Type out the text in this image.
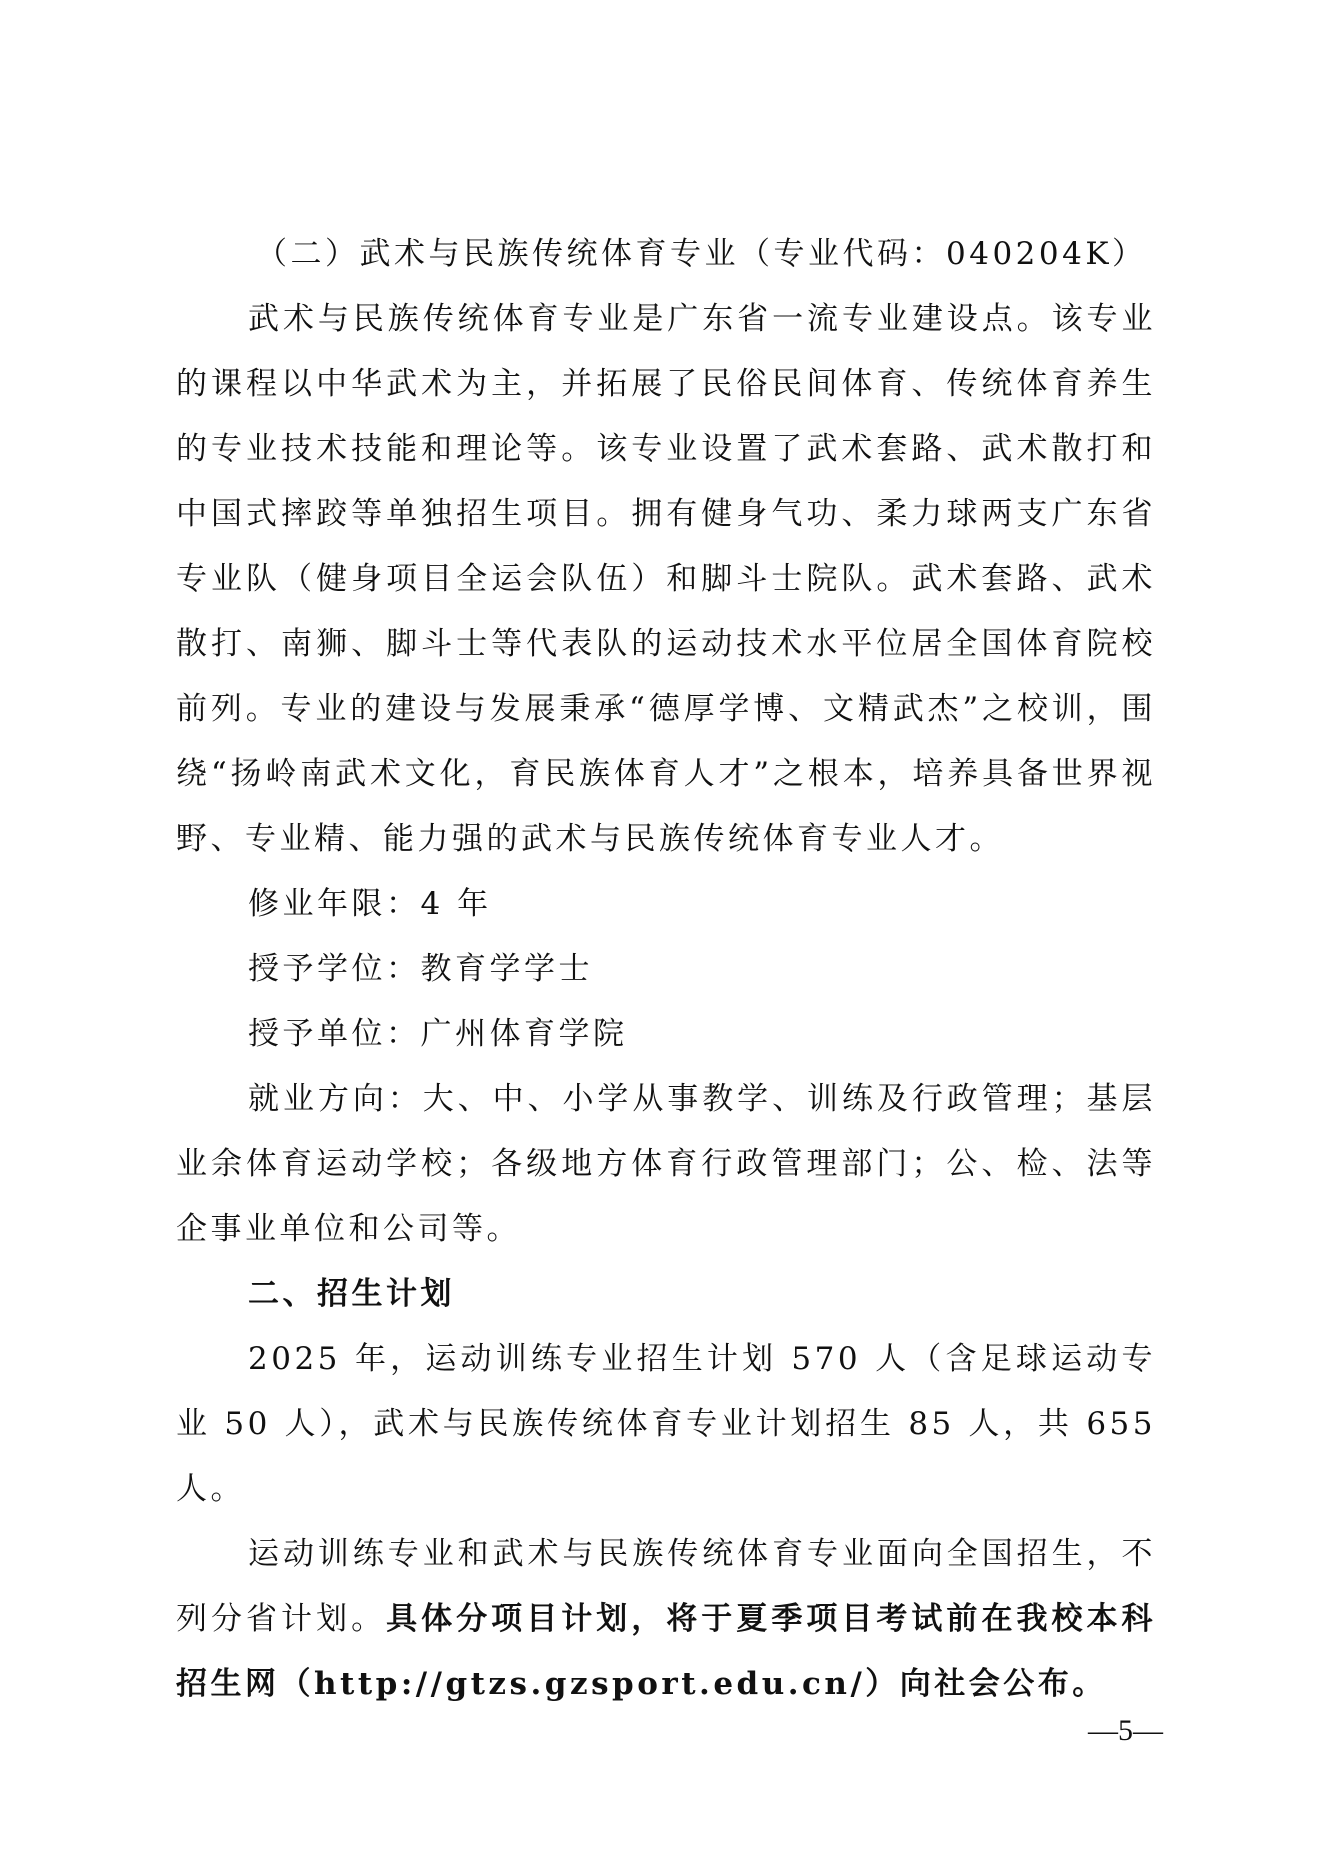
（二）武术与民族传统体育专业（专业代码：040204K）

武术与民族传统体育专业是广东省一流专业建设点。该专业的课程以中华武术为主，并拓展了民俗民间体育、传统体育养生的专业技术技能和理论等。该专业设置了武术套路、武术散打和中国式摔跤等单独招生项目。拥有健身气功、柔力球两支广东省专业队（健身项目全运会队伍）和脚斗士院队。武术套路、武术散打、南狮、脚斗士等代表队的运动技术水平位居全国体育院校前列。专业的建设与发展秉承“德厚学博、文精武杰”之校训，围绕“扬岭南武术文化，育民族体育人才”之根本，培养具备世界视野、专业精、能力强的武术与民族传统体育专业人才。

修业年限：4 年
授予学位：教育学学士
授予单位：广州体育学院

就业方向：大、中、小学从事教学、训练及行政管理；基层业余体育运动学校；各级地方体育行政管理部门；公、检、法等企事业单位和公司等。

二、招生计划

2025 年，运动训练专业招生计划 570 人（含足球运动专业 50 人），武术与民族传统体育专业计划招生 85 人，共 655 人。

运动训练专业和武术与民族传统体育专业面向全国招生，不列分省计划。具体分项目计划，将于夏季项目考试前在我校本科招生网（http://gtzs.gzsport.edu.cn/）向社会公布。

—5—
